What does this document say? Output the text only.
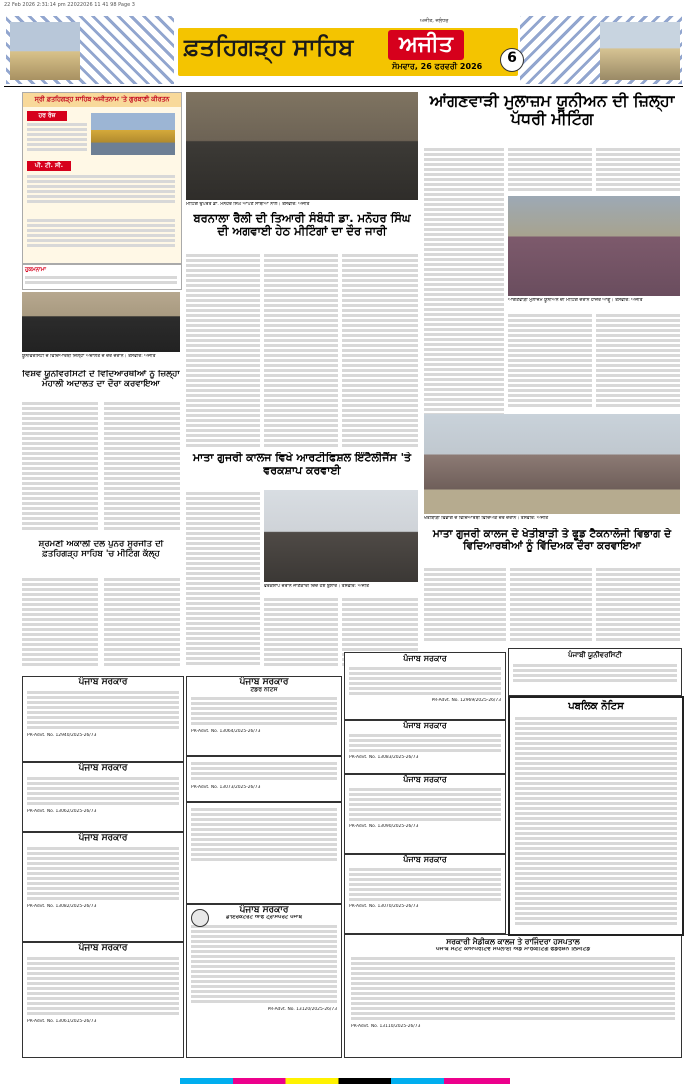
22 Feb 2026 2:31:14 pm 22022026 11 41 98 Page 3
ਫ਼ਤਹਿਗੜ੍ਹ ਸਾਹਿਬ	ਅਜੀਤ
ਅਜੀਤ, ਜਲੰਧਰ
ਸੋਮਵਾਰ, 26 ਫਰਵਰੀ 2026
6
ਸ੍ਰੀ ਫ਼ਤਹਿਗੜ੍ਹ ਸਾਹਿਬ ਅਜੀਤਨਾਮ 'ਤੇ ਗੁਰਬਾਣੀ ਕੀਰਤਨ
ਹਰ ਰੋਜ਼
ਪੀ. ਟੀ. ਸੀ.
ਹੁਕਮਨਾਮਾ
ਮੀਟਿੰਗ ਉਪਰੰਤ ਡਾ. ਮਨੋਹਰ ਸਿੰਘ ਆਪਣੇ ਸਾਥੀਆਂ ਨਾਲ। ਤਸਵੀਰ: ਅਜੀਤ
ਬਰਨਾਲਾ ਰੈਲੀ ਦੀ ਤਿਆਰੀ ਸੰਬੰਧੀ ਡਾ. ਮਨੋਹਰ ਸਿੰਘ ਦੀ ਅਗਵਾਈ ਹੇਠ ਮੀਟਿੰਗਾਂ ਦਾ ਦੌਰ ਜਾਰੀ
ਆਂਗਣਵਾੜੀ ਮੁਲਾਜ਼ਮ ਯੂਨੀਅਨ ਦੀ ਜ਼ਿਲ੍ਹਾ ਪੱਧਰੀ ਮੀਟਿੰਗ
ਆਂਗਣਵਾੜੀ ਮੁਲਾਜ਼ਮ ਯੂਨੀਅਨ ਦੀ ਮੀਟਿੰਗ ਦੌਰਾਨ ਹਾਜ਼ਰ ਆਗੂ। ਤਸਵੀਰ: ਅਜੀਤ
ਯੂਨੀਵਰਸਿਟੀ ਦੇ ਵਿਦਿਆਰਥੀ ਜ਼ਿਲ੍ਹਾ ਅਦਾਲਤ ਦੇ ਦੌਰੇ ਦੌਰਾਨ। ਤਸਵੀਰ: ਅਜੀਤ
ਵਿਸ਼ਵ ਯੂਨੀਵਰਸਿਟੀ ਦੇ ਵਿਦਿਆਰਥੀਆਂ ਨੂੰ ਜ਼ਿਲ੍ਹਾ ਮੋਹਾਲੀ ਅਦਾਲਤ ਦਾ ਦੌਰਾ ਕਰਵਾਇਆ
ਸ਼੍ਰੋਮਣੀ ਅਕਾਲੀ ਦਲ ਪੁਨਰ ਸੁਰਜੀਤ ਦੀ ਫ਼ਤਹਿਗੜ੍ਹ ਸਾਹਿਬ 'ਚ ਮੀਟਿੰਗ ਕੱਲ੍ਹ
ਮਾਤਾ ਗੁਜਰੀ ਕਾਲਜ ਵਿਖੇ ਆਰਟੀਫਿਸ਼ਲ ਇੰਟੈਲੀਜੈਂਸ 'ਤੇ ਵਰਕਸ਼ਾਪ ਕਰਵਾਈ
ਵਰਕਸ਼ਾਪ ਦੌਰਾਨ ਜਾਣਕਾਰੀ ਦਿੰਦੇ ਹੋਏ ਬੁਲਾਰੇ। ਤਸਵੀਰ: ਅਜੀਤ
ਖੇਤੀਬਾੜੀ ਵਿਭਾਗ ਦੇ ਵਿਦਿਆਰਥੀ ਵਿੱਦਿਅਕ ਦੌਰੇ ਦੌਰਾਨ। ਤਸਵੀਰ: ਅਜੀਤ
ਮਾਤਾ ਗੁਜਰੀ ਕਾਲਜ ਦੇ ਖੇਤੀਬਾੜੀ ਤੇ ਫੂਡ ਟੈਕਨਾਲੋਜੀ ਵਿਭਾਗ ਦੇ ਵਿਦਿਆਰਥੀਆਂ ਨੂੰ ਵਿੱਦਿਅਕ ਦੌਰਾ ਕਰਵਾਇਆ
ਪੰਜਾਬੀ ਯੂਨੀਵਰਸਿਟੀ
ਪੰਜਾਬ ਸਰਕਾਰ
PR-Advt. No. 12969/2025-26/73
ਪੰਜਾਬ ਸਰਕਾਰ
PR-Advt. No. 12940/2025-26/73
ਪੰਜਾਬ ਸਰਕਾਰ
PR-Advt. No. 13062/2025-26/73
ਪੰਜਾਬ ਸਰਕਾਰ
PR-Advt. No. 13082/2025-26/73
ਪੰਜਾਬ ਸਰਕਾਰ
PR-Advt. No. 13061/2025-26/73
ਪੰਜਾਬ ਸਰਕਾਰ
ਟੈਂਡਰ ਨੋਟਿਸ
PR-Advt. No. 13064/2025-26/73
PR-Advt. No. 13073/2025-26/73
ਪੰਜਾਬ ਸਰਕਾਰ
ਡਾਇਰੈਕਟੋਰੇਟ ਆਫ ਟ੍ਰਾਂਸਪੋਰਟ ਪੰਜਾਬ
PR-Advt. No. 13120/2025-26/73
ਪੰਜਾਬ ਸਰਕਾਰ
PR-Advt. No. 13083/2025-26/73
ਪੰਜਾਬ ਸਰਕਾਰ
PR-Advt. No. 13090/2025-26/73
ਪੰਜਾਬ ਸਰਕਾਰ
PR-Advt. No. 13070/2025-26/73
ਸਰਕਾਰੀ ਮੈਡੀਕਲ ਕਾਲਜ ਤੇ ਰਾਜਿੰਦਰਾ ਹਸਪਤਾਲ
ਪੰਜਾਬ ਸਟੇਟ ਕੋਆਪਰੇਟਿਵ ਸਪਲਾਈ ਐਂਡ ਮਾਰਕੀਟਿੰਗ ਫੈਡਰੇਸ਼ਨ ਲਿਮਟਿਡ
PR-Advt. No. 13110/2025-26/73
ਪਬਲਿਕ ਨੋਟਿਸ
